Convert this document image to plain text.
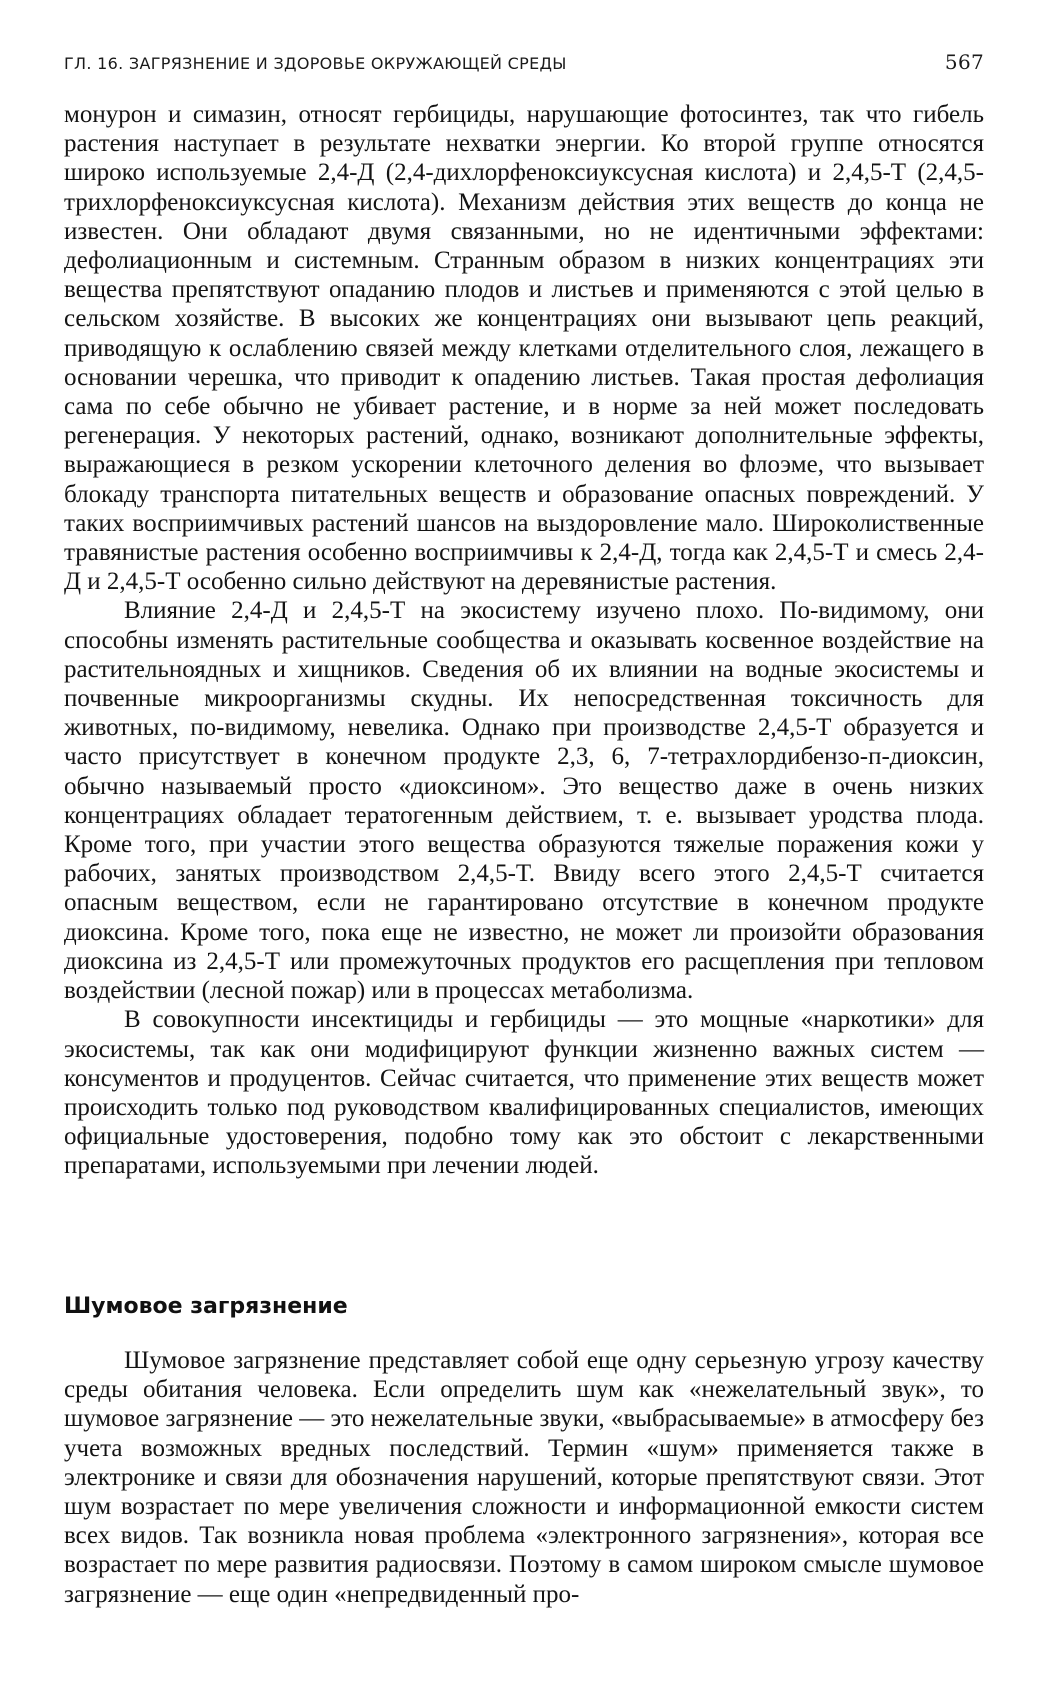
ГЛ. 16. ЗАГРЯЗНЕНИЕ И ЗДОРОВЬЕ ОКРУЖАЮЩЕЙ СРЕДЫ	567

монурон и симазин, относят гербициды, нарушающие фотосинтез, так что гибель растения наступает в результате нехватки энергии. Ко второй группе относятся широко используемые 2,4-Д (2,4-дихлорфеноксиуксусная кислота) и 2,4,5-Т (2,4,5-трихлорфеноксиуксусная кислота). Механизм действия этих веществ до конца не известен. Они обладают двумя связанными, но не идентичными эффектами: дефолиационным и системным. Странным образом в низких концентрациях эти вещества препятствуют опаданию плодов и листьев и применяются с этой целью в сельском хозяйстве. В высоких же концентрациях они вызывают цепь реакций, приводящую к ослаблению связей между клетками отделительного слоя, лежащего в основании черешка, что приводит к опадению листьев. Такая простая дефолиация сама по себе обычно не убивает растение, и в норме за ней может последовать регенерация. У некоторых растений, однако, возникают дополнительные эффекты, выражающиеся в резком ускорении клеточного деления во флоэме, что вызывает блокаду транспорта питательных веществ и образование опасных повреждений. У таких восприимчивых растений шансов на выздоровление мало. Широколиственные травянистые растения особенно восприимчивы к 2,4-Д, тогда как 2,4,5-Т и смесь 2,4-Д и 2,4,5-Т особенно сильно действуют на деревянистые растения.

Влияние 2,4-Д и 2,4,5-Т на экосистему изучено плохо. По-видимому, они способны изменять растительные сообщества и оказывать косвенное воздействие на растительноядных и хищников. Сведения об их влиянии на водные экосистемы и почвенные микроорганизмы скудны. Их непосредственная токсичность для животных, по-видимому, невелика. Однако при производстве 2,4,5-Т образуется и часто присутствует в конечном продукте 2,3, 6, 7-тетрахлордибензо-п-диоксин, обычно называемый просто «диоксином». Это вещество даже в очень низких концентрациях обладает тератогенным действием, т. е. вызывает уродства плода. Кроме того, при участии этого вещества образуются тяжелые поражения кожи у рабочих, занятых производством 2,4,5-Т. Ввиду всего этого 2,4,5-Т считается опасным веществом, если не гарантировано отсутствие в конечном продукте диоксина. Кроме того, пока еще не известно, не может ли произойти образования диоксина из 2,4,5-Т или промежуточных продуктов его расщепления при тепловом воздействии (лесной пожар) или в процессах метаболизма.

В совокупности инсектициды и гербициды — это мощные «наркотики» для экосистемы, так как они модифицируют функции жизненно важных систем — консументов и продуцентов. Сейчас считается, что применение этих веществ может происходить только под руководством квалифицированных специалистов, имеющих официальные удостоверения, подобно тому как это обстоит с лекарственными препаратами, используемыми при лечении людей.

Шумовое загрязнение

Шумовое загрязнение представляет собой еще одну серьезную угрозу качеству среды обитания человека. Если определить шум как «нежелательный звук», то шумовое загрязнение — это нежелательные звуки, «выбрасываемые» в атмосферу без учета возможных вредных последствий. Термин «шум» применяется также в электронике и связи для обозначения нарушений, которые препятствуют связи. Этот шум возрастает по мере увеличения сложности и информационной емкости систем всех видов. Так возникла новая проблема «электронного загрязнения», которая все возрастает по мере развития радиосвязи. Поэтому в самом широком смысле шумовое загрязнение — еще один «непредвиденный про-
